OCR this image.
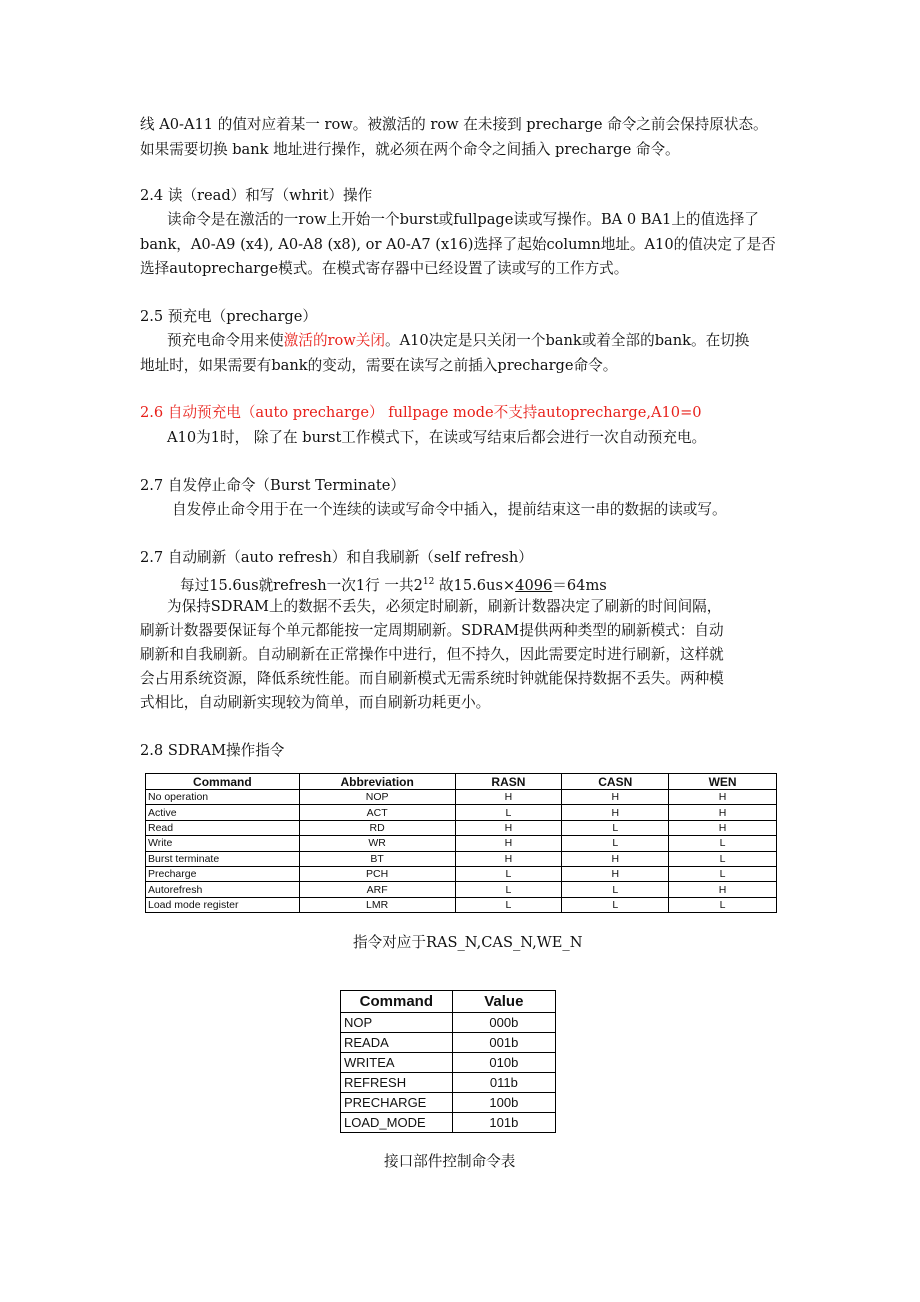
线 A0-A11 的值对应着某一 row。被激活的 row 在未接到 precharge 命令之前会保持原状态。
如果需要切换 bank 地址进行操作，就必须在两个命令之间插入 precharge 命令。
2.4 读（read）和写（whrit）操作
读命令是在激活的一row上开始一个burst或fullpage读或写操作。BA 0 BA1上的值选择了
bank，A0-A9 (x4), A0-A8 (x8), or A0-A7 (x16)选择了起始column地址。A10的值决定了是否
选择autoprecharge模式。在模式寄存器中已经设置了读或写的工作方式。
2.5 预充电（precharge）
预充电命令用来使激活的row关闭。A10决定是只关闭一个bank或着全部的bank。在切换
地址时，如果需要有bank的变动，需要在读写之前插入precharge命令。
2.6 自动预充电（auto precharge） fullpage mode不支持autoprecharge,A10=0
A10为1时， 除了在 burst工作模式下，在读或写结束后都会进行一次自动预充电。
2.7 自发停止命令（Burst Terminate）
自发停止命令用于在一个连续的读或写命令中插入，提前结束这一串的数据的读或写。
2.7 自动刷新（auto refresh）和自我刷新（self refresh）
每过15.6us就refresh一次1行 一共$2^{12}$ 故15.6us×4096＝64ms
为保持SDRAM上的数据不丢失，必须定时刷新，刷新计数器决定了刷新的时间间隔，
刷新计数器要保证每个单元都能按一定周期刷新。SDRAM提供两种类型的刷新模式：自动
刷新和自我刷新。自动刷新在正常操作中进行，但不持久，因此需要定时进行刷新，这样就
会占用系统资源，降低系统性能。而自刷新模式无需系统时钟就能保持数据不丢失。两种模
式相比，自动刷新实现较为简单，而自刷新功耗更小。
2.8 SDRAM操作指令
Command	Abbreviation	RASN	CASN	WEN
No operation	NOP	H	H	H
Active	ACT	L	H	H
Read	RD	H	L	H
Write	WR	H	L	L
Burst terminate	BT	H	H	L
Precharge	PCH	L	H	L
Autorefresh	ARF	L	L	H
Load mode register	LMR	L	L	L
指令对应于RAS_N,CAS_N,WE_N
Command	Value
NOP	000b
READA	001b
WRITEA	010b
REFRESH	011b
PRECHARGE	100b
LOAD_MODE	101b
接口部件控制命令表
